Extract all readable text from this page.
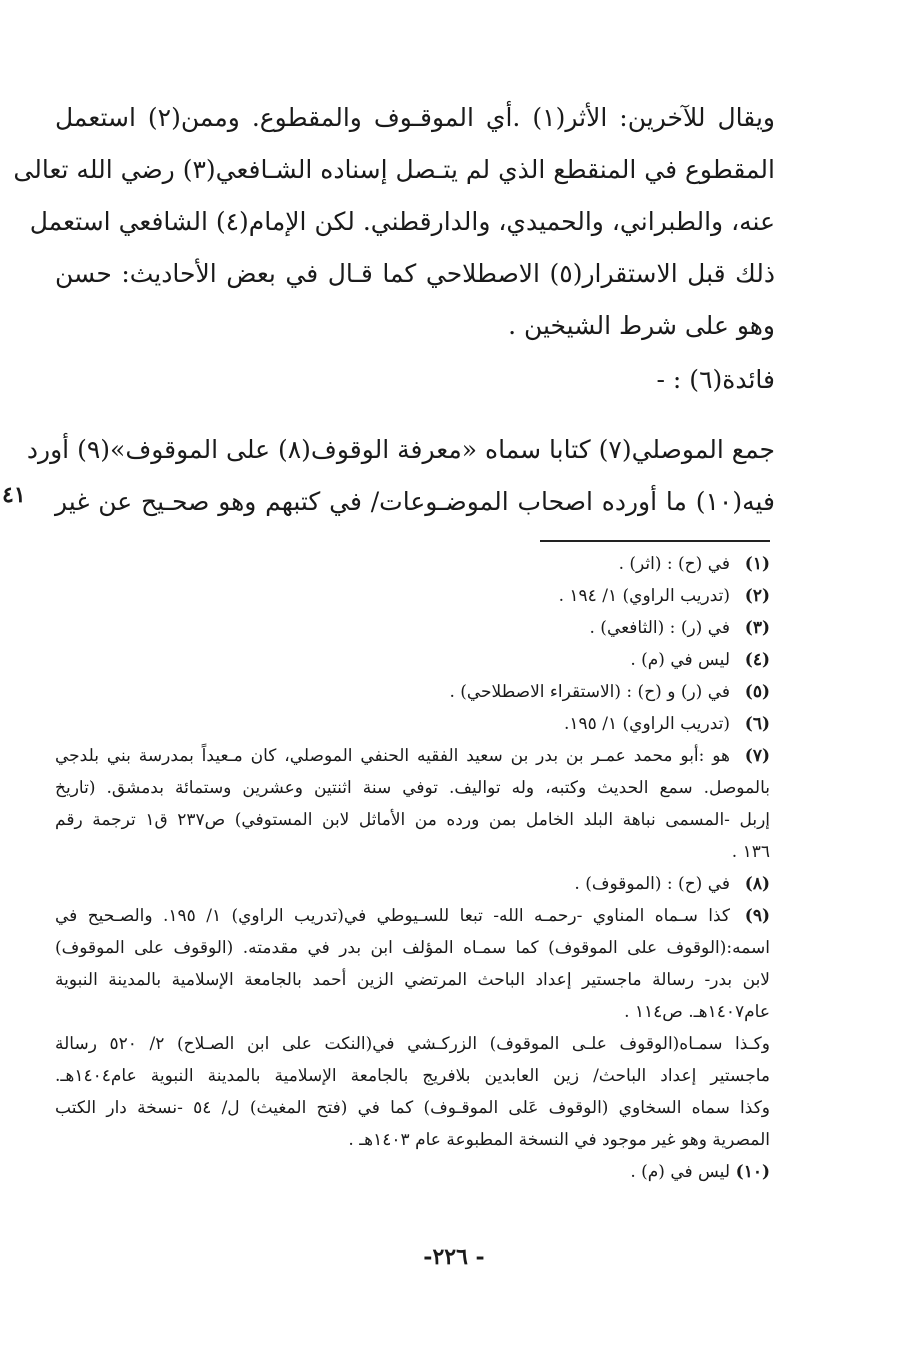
ويقال للآخرين: الأثر(١) .أي الموقـوف والمقطوع. وممن(٢) استعمل
المقطوع في المنقطع الذي لم يتـصل إسناده الشـافعي(٣) رضي الله تعالى
عنه، والطبراني، والحميدي، والدارقطني. لكن الإمام(٤) الشافعي استعمل
ذلك قبل الاستقرار(٥) الاصطلاحي كما قـال في بعض الأحاديث: حسن
وهو على شرط الشيخين .
فائدة(٦) : -
جمع الموصلي(٧) كتابا سماه «معرفة الوقوف(٨) على الموقوف»(٩) أورد
فيه(١٠) ما أورده اصحاب الموضـوعات/ في كتبهم وهو صحـيح عن غير
٤١
(١)في (ح) : (اثر) .
(٢)(تدريب الراوي) ١/ ١٩٤ .
(٣)في (ر) : (الثافعي) .
(٤)ليس في (م) .
(٥)في (ر) و (ح) : (الاستقراء الاصطلاحي) .
(٦)(تدريب الراوي) ١/ ١٩٥.
(٧)هو :أبو محمد عمـر بن بدر بن سعيد الفقيه الحنفي الموصلي، كان مـعيداً بمدرسة بني بلدجي
بالموصل. سمع الحديث وكتبه، وله تواليف. توفي سنة اثنتين وعشرين وستمائة بدمشق. (تاريخ
إربل -المسمى نباهة البلد الخامل بمن ورده من الأماثل لابن المستوفي) ص٢٣٧ ق١ ترجمة رقم
١٣٦ .
(٨)في (ح) : (الموقوف) .
(٩)كذا سـماه المناوي -رحمـه الله- تبعا للسـيوطي في(تدريب الراوي) ١/ ١٩٥. والصـحيح في
اسمه:(الوقوف على الموقوف) كما سمـاه المؤلف ابن بدر في مقدمته. (الوقوف على الموقوف)
لابن بدر- رسالة ماجستير إعداد الباحث المرتضي الزين أحمد بالجامعة الإسلامية بالمدينة النبوية
عام١٤٠٧هـ. ص١١٤ .
وكـذا سمـاه(الوقوف علـى الموقوف) الزركـشي في(النكت على ابن الصـلاح) ٢/ ٥٢٠ رسالة
ماجستير إعداد الباحث/ زين العابدين بلافريج بالجامعة الإسلامية بالمدينة النبوية عام١٤٠٤هـ.
وكذا سماه السخاوي (الوقوف عَلى الموقـوف) كما في (فتح المغيث) ل/ ٥٤ -نسخة دار الكتب
المصرية وهو غير موجود في النسخة المطبوعة عام ١٤٠٣هـ .
(١٠)ليس في (م) .
- ٢٢٦-
